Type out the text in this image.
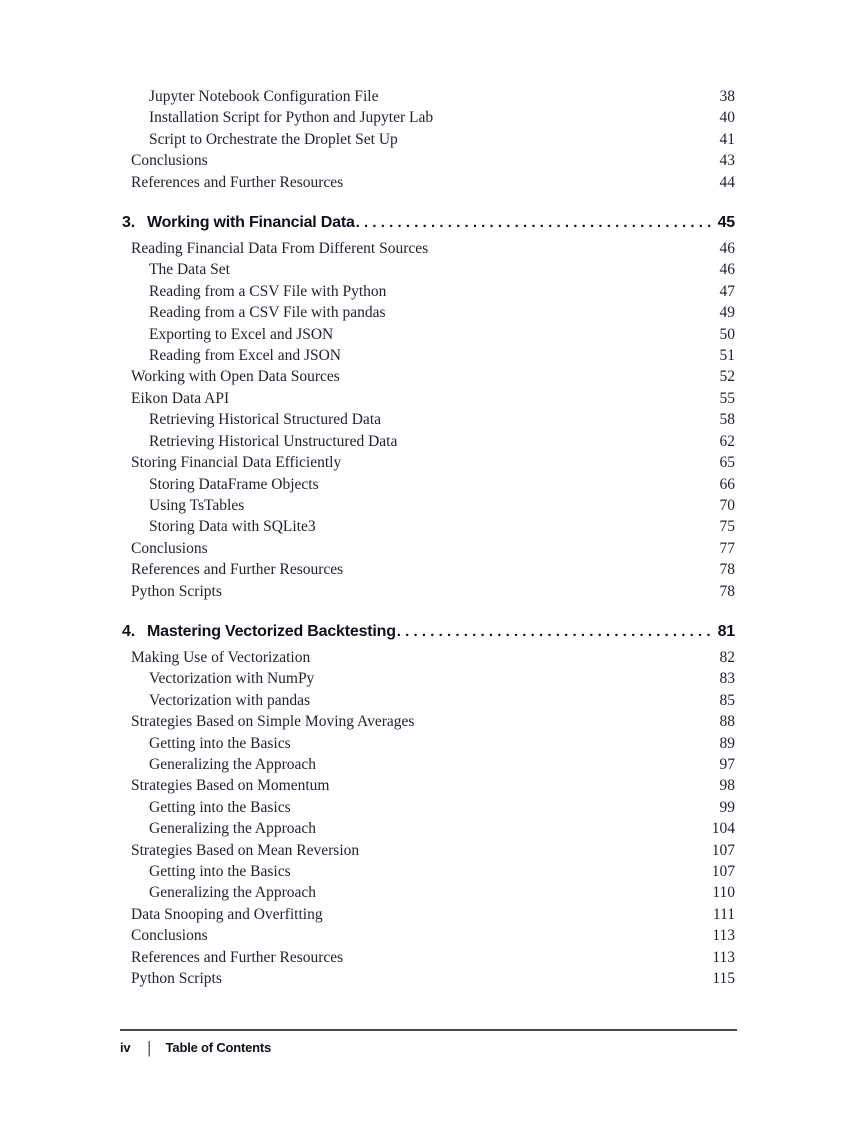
Jupyter Notebook Configuration File	38
Installation Script for Python and Jupyter Lab	40
Script to Orchestrate the Droplet Set Up	41
Conclusions	43
References and Further Resources	44
3. Working with Financial Data .....	45
Reading Financial Data From Different Sources	46
The Data Set	46
Reading from a CSV File with Python	47
Reading from a CSV File with pandas	49
Exporting to Excel and JSON	50
Reading from Excel and JSON	51
Working with Open Data Sources	52
Eikon Data API	55
Retrieving Historical Structured Data	58
Retrieving Historical Unstructured Data	62
Storing Financial Data Efficiently	65
Storing DataFrame Objects	66
Using TsTables	70
Storing Data with SQLite3	75
Conclusions	77
References and Further Resources	78
Python Scripts	78
4. Mastering Vectorized Backtesting .....	81
Making Use of Vectorization	82
Vectorization with NumPy	83
Vectorization with pandas	85
Strategies Based on Simple Moving Averages	88
Getting into the Basics	89
Generalizing the Approach	97
Strategies Based on Momentum	98
Getting into the Basics	99
Generalizing the Approach	104
Strategies Based on Mean Reversion	107
Getting into the Basics	107
Generalizing the Approach	110
Data Snooping and Overfitting	111
Conclusions	113
References and Further Resources	113
Python Scripts	115
iv | Table of Contents
